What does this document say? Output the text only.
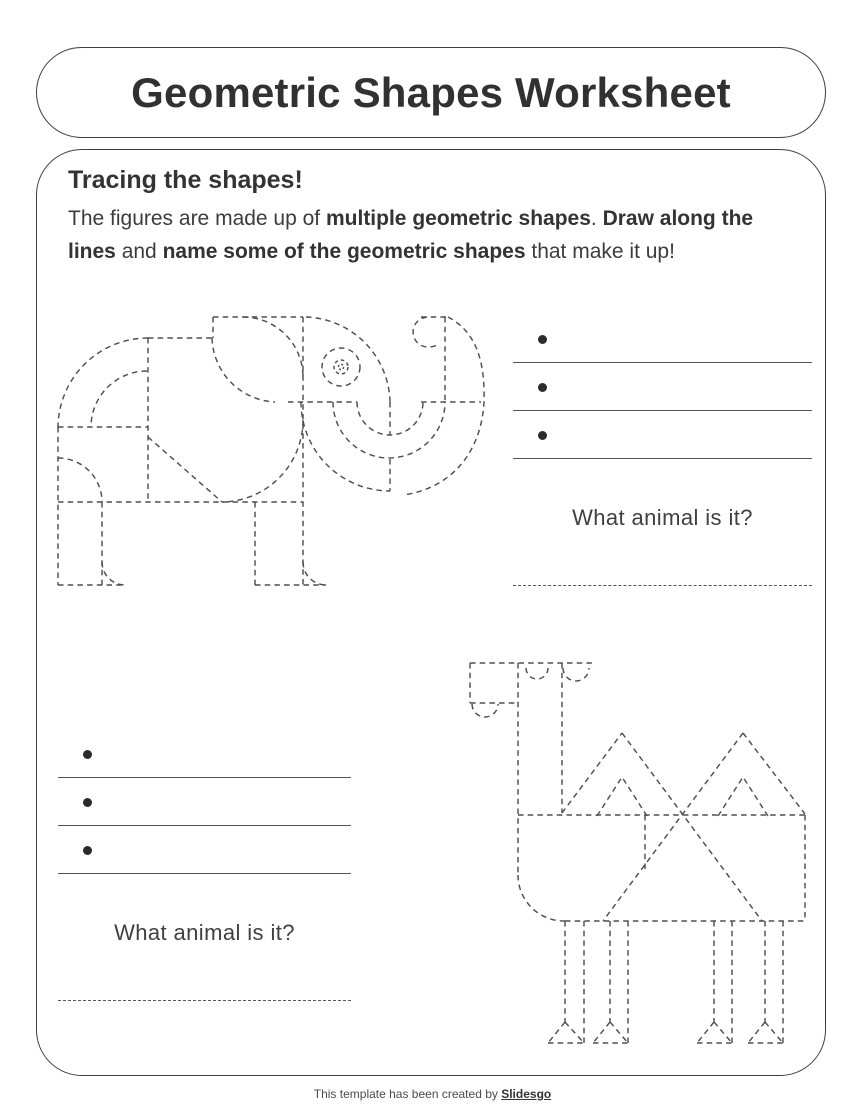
Geometric Shapes Worksheet
Tracing the shapes!
The figures are made up of multiple geometric shapes. Draw along the lines and name some of the geometric shapes that make it up!
What animal is it?
What animal is it?
This template has been created by Slidesgo
